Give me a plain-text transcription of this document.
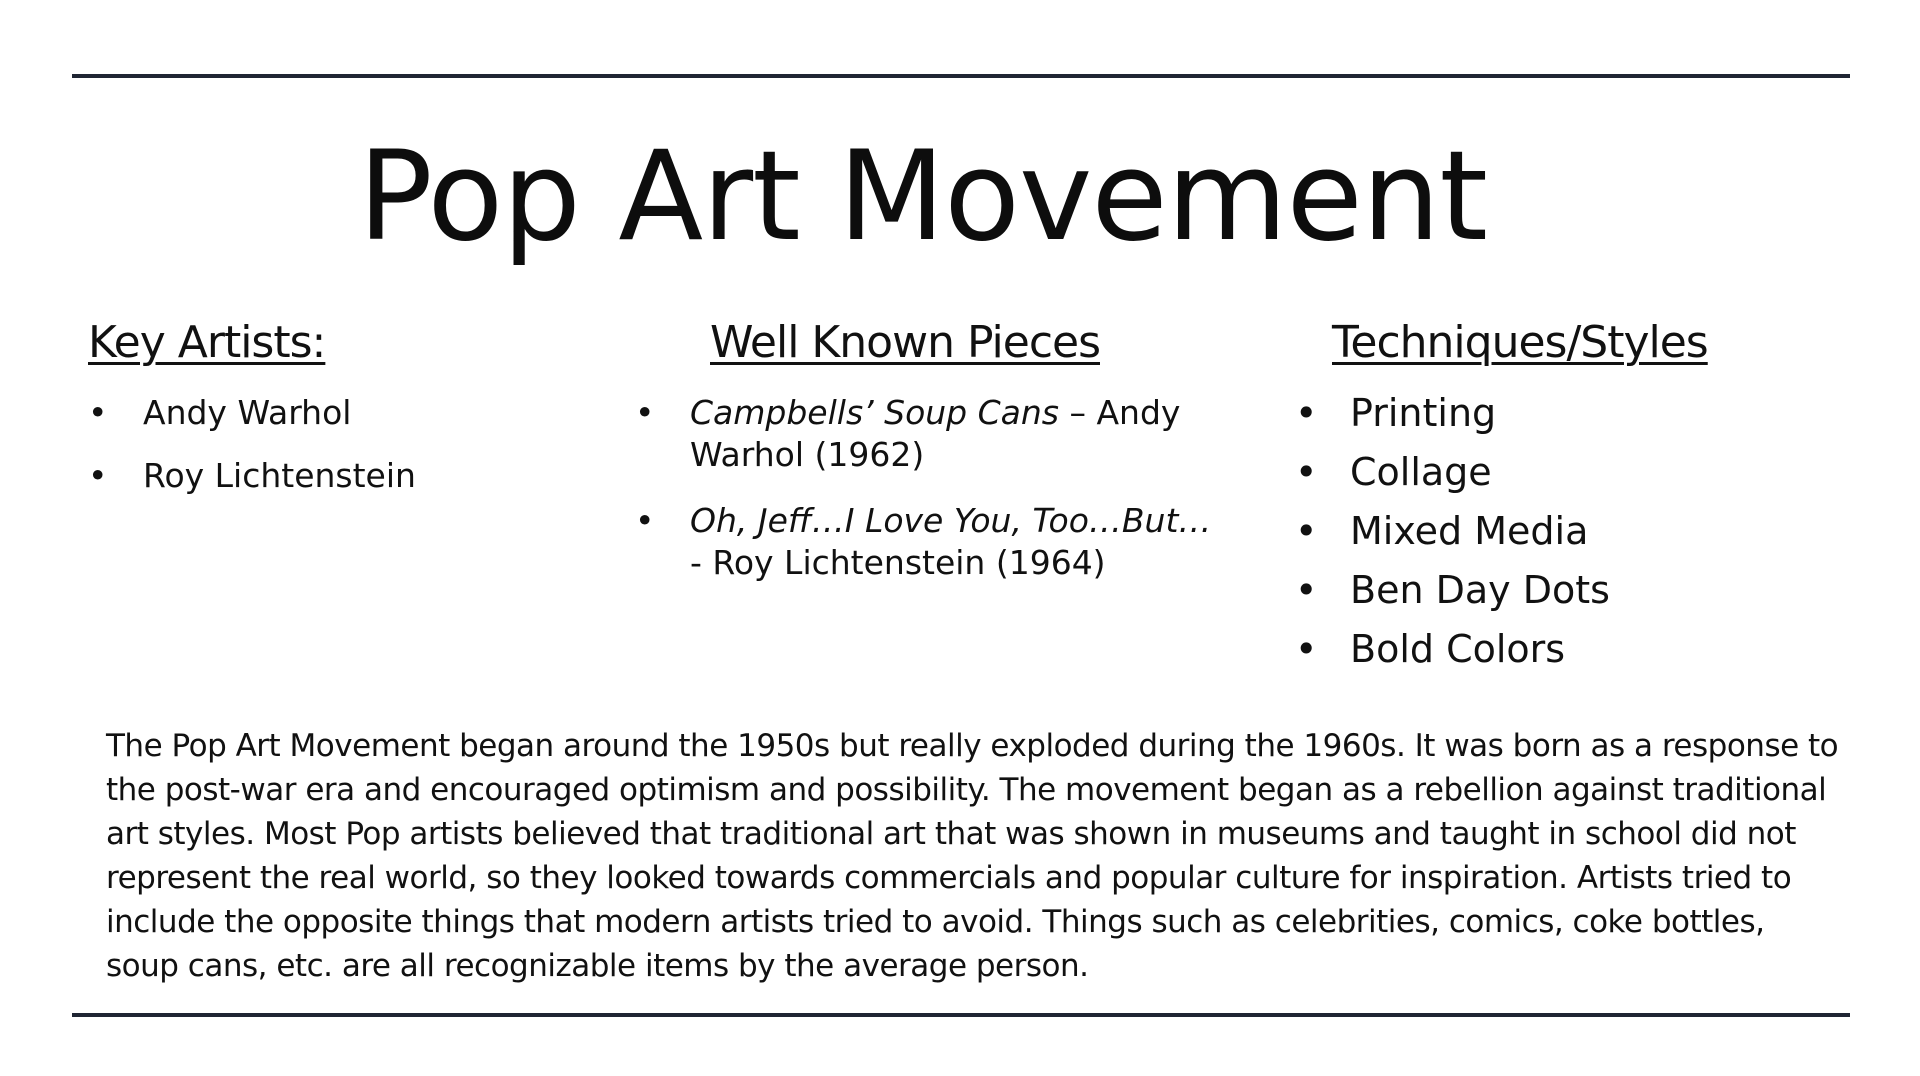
Pop Art Movement
Key Artists:	Well Known Pieces	Techniques/Styles
• Andy Warhol
• Roy Lichtenstein
• Campbells’ Soup Cans – Andy Warhol (1962)
• Oh, Jeff…I Love You, Too…But…
- Roy Lichtenstein (1964)
• Printing
• Collage
• Mixed Media
• Ben Day Dots
• Bold Colors
The Pop Art Movement began around the 1950s but really exploded during the 1960s. It was born as a response to the post-war era and encouraged optimism and possibility. The movement began as a rebellion against traditional art styles. Most Pop artists believed that traditional art that was shown in museums and taught in school did not represent the real world, so they looked towards commercials and popular culture for inspiration. Artists tried to include the opposite things that modern artists tried to avoid. Things such as celebrities, comics, coke bottles, soup cans, etc. are all recognizable items by the average person.
